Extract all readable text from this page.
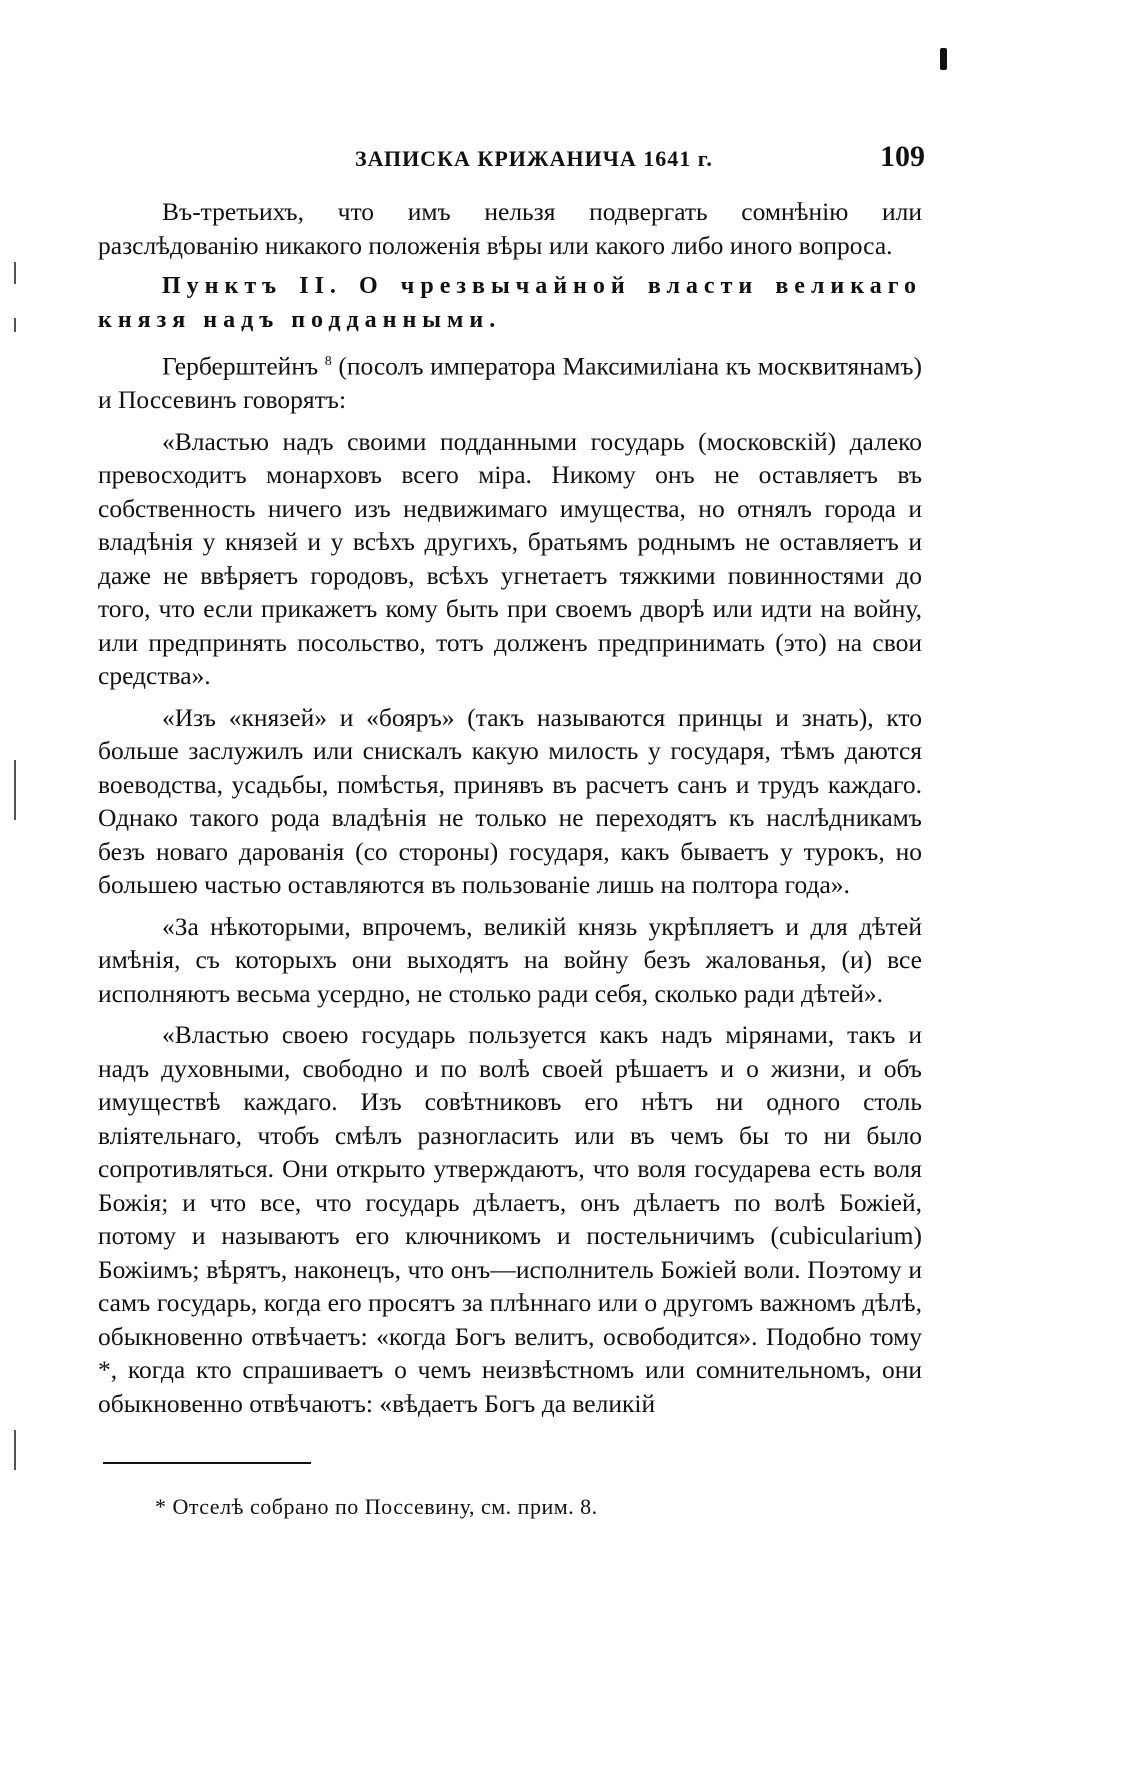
ЗАПИСКА КРИЖАНИЧА 1641 г.	109

Въ-третьихъ, что имъ нельзя подвергать сомнѣнію или разслѣдованію никакого положенія вѣры или какого либо иного вопроса.

Пунктъ II. О чрезвычайной власти великаго князя надъ подданными.

Герберштейнъ $^8$ (посолъ императора Максимиліана къ москвитянамъ) и Поссевинъ говорятъ:

«Властью надъ своими подданными государь (московскій) далеко превосходитъ монарховъ всего міра. Никому онъ не оставляетъ въ собственность ничего изъ недвижимаго имущества, но отнялъ города и владѣнія у князей и у всѣхъ другихъ, братьямъ роднымъ не оставляетъ и даже не ввѣряетъ городовъ, всѣхъ угнетаетъ тяжкими повинностями до того, что если прикажетъ кому быть при своемъ дворѣ или идти на войну, или предпринять посольство, тотъ долженъ предпринимать (это) на свои средства».

«Изъ «князей» и «бояръ» (такъ называются принцы и знать), кто больше заслужилъ или снискалъ какую милость у государя, тѣмъ даются воеводства, усадьбы, помѣстья, принявъ въ расчетъ санъ и трудъ каждаго. Однако такого рода владѣнія не только не переходятъ къ наслѣдникамъ безъ новаго дарованія (со стороны) государя, какъ бываетъ у турокъ, но большею частью оставляются въ пользованіе лишь на полтора года».

«За нѣкоторыми, впрочемъ, великій князь укрѣпляетъ и для дѣтей имѣнія, съ которыхъ они выходятъ на войну безъ жалованья, (и) все исполняютъ весьма усердно, не столько ради себя, сколько ради дѣтей».

«Властью своею государь пользуется какъ надъ мірянами, такъ и надъ духовными, свободно и по волѣ своей рѣшаетъ и о жизни, и объ имуществѣ каждаго. Изъ совѣтниковъ его нѣтъ ни одного столь вліятельнаго, чтобъ смѣлъ разногласить или въ чемъ бы то ни было сопротивляться. Они открыто утверждаютъ, что воля государева есть воля Божія; и что все, что государь дѣлаетъ, онъ дѣлаетъ по волѣ Божіей, потому и называютъ его ключникомъ и постельничимъ (cubicularium) Божіимъ; вѣрятъ, наконецъ, что онъ—исполнитель Божіей воли. Поэтому и самъ государь, когда его просятъ за плѣннаго или о другомъ важномъ дѣлѣ, обыкновенно отвѣчаетъ: «когда Богъ велитъ, освободится». Подобно тому *, когда кто спрашиваетъ о чемъ неизвѣстномъ или сомнительномъ, они обыкновенно отвѣчаютъ: «вѣдаетъ Богъ да великій

* Отселѣ собрано по Поссевину, см. прим. 8.
